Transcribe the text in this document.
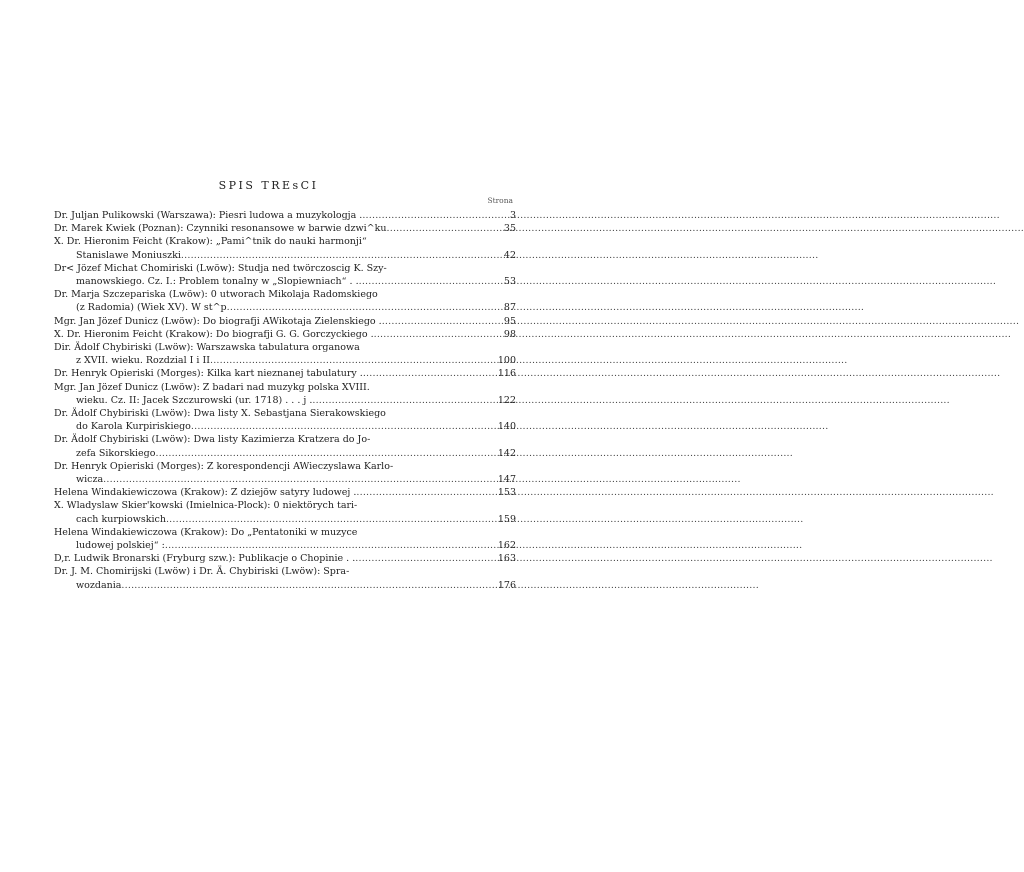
SPIS TREsCI
Strona
Dr. Juljan Pulikowski (Warszawa): Piesri ludowa a muzykologja . .....	3
Dr. Marek Kwiek (Poznan): Czynniki resonansowe w barwie dzwi^ku .....	35
X. Dr. Hieronim Feicht (Krakow): „Pami^tnik do nauki harmonji“
Stanislawe Moniuszki .....	42
Dr< Jözef Michat Chomiriski (Lwöw): Studja ned twörczoscig K. Szy-
manowskiego. Cz. I.: Problem tonalny w „Slopiewniach“ . . .....	53
Dr. Marja Szczepariska (Lwöw): 0 utworach Mikolaja Radomskiego
(z Radomia) (Wiek XV). W st^p .....	87
Mgr. Jan Jözef Dunicz (Lwöw): Do biografji AWikotaja Zielenskiego . .....	95
X. Dr. Hieronim Feicht (Krakow): Do biografji G. G. Gorczyckiego . .....	98
Dir. Ädolf Chybiriski (Lwöw): Warszawska tabulatura organowa
z XVII. wieku. Rozdzial I i II .....	100
Dr. Henryk Opieriski (Morges): Kilka kart nieznanej tabulatury . .....	116
Mgr. Jan Jözef Dunicz (Lwöw): Z badari nad muzykg polska XVIII.
wieku. Cz. II: Jacek Szczurowski (ur. 1718) . . . j . .....	122
Dr. Ädolf Chybiriski (Lwöw): Dwa listy X. Sebastjana Sierakowskiego
do Karola Kurpiriskiego .....	140
Dr. Ädolf Chybiriski (Lwöw): Dwa listy Kazimierza Kratzera do Jo-
zefa Sikorskiego .....	142
Dr. Henryk Opieriski (Morges): Z korespondencji AWieczyslawa Karlo-
wicza .....	147
Helena Windakiewiczowa (Krakow): Z dziejöw satyry ludowej . .....	153
X. Wladyslaw Skier'kowski (Imielnica-Plock): 0 niektörych tari-
cach kurpiowskich .....	159
Helena Windakiewiczowa (Krakow): Do „Pentatoniki w muzyce
ludowej polskiej“ : .....	162
D,r. Ludwik Bronarski (Fryburg szw.): Publikacje o Chopinie . . .....	163
Dr. J. M. Chomirijski (Lwöw) i Dr. Ä. Chybiriski (Lwöw): Spra-
wozdania .....	176
